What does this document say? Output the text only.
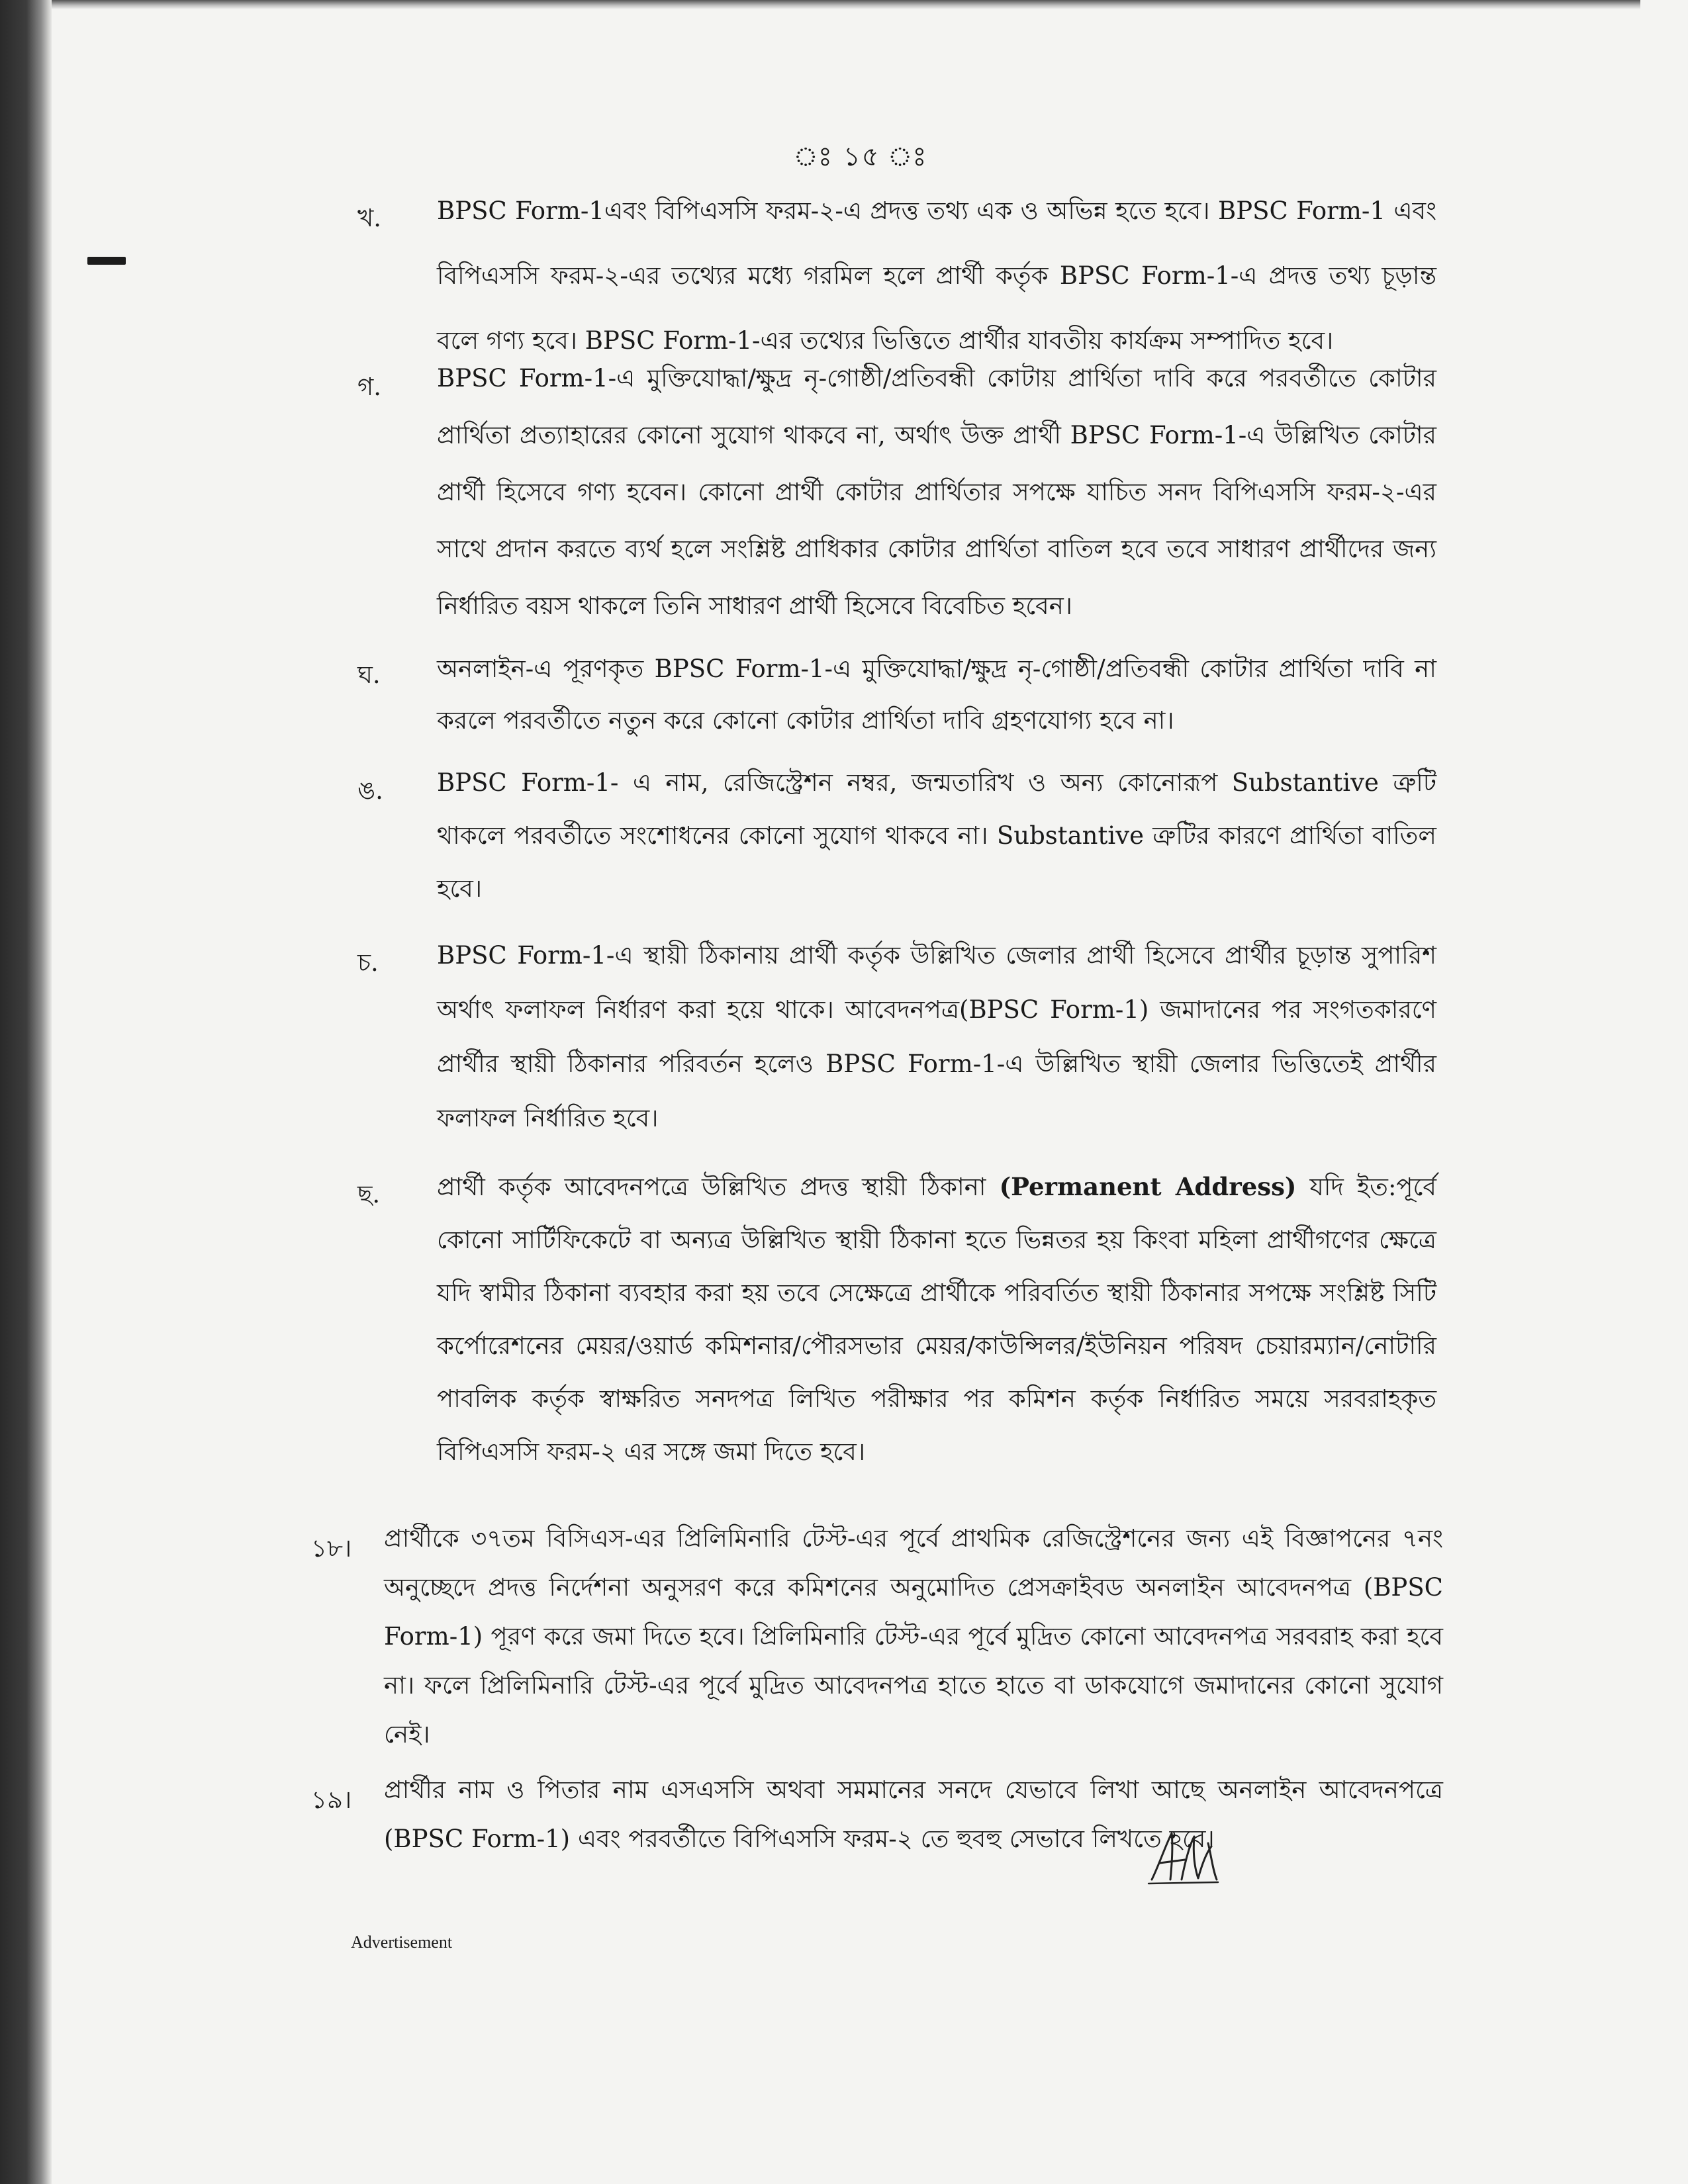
ঃ ১৫ ঃ
খ. BPSC Form-1এবং বিপিএসসি ফরম-২-এ প্রদত্ত তথ্য এক ও অভিন্ন হতে হবে। BPSC Form-1 এবং বিপিএসসি ফরম-২-এর তথ্যের মধ্যে গরমিল হলে প্রার্থী কর্তৃক BPSC Form-1-এ প্রদত্ত তথ্য চূড়ান্ত বলে গণ্য হবে। BPSC Form-1-এর তথ্যের ভিত্তিতে প্রার্থীর যাবতীয় কার্যক্রম সম্পাদিত হবে।
গ. BPSC Form-1-এ মুক্তিযোদ্ধা/ক্ষুদ্র নৃ-গোষ্ঠী/প্রতিবন্ধী কোটায় প্রার্থিতা দাবি করে পরবর্তীতে কোটার প্রার্থিতা প্রত্যাহারের কোনো সুযোগ থাকবে না, অর্থাৎ উক্ত প্রার্থী BPSC Form-1-এ উল্লিখিত কোটার প্রার্থী হিসেবে গণ্য হবেন। কোনো প্রার্থী কোটার প্রার্থিতার সপক্ষে যাচিত সনদ বিপিএসসি ফরম-২-এর সাথে প্রদান করতে ব্যর্থ হলে সংশ্লিষ্ট প্রাধিকার কোটার প্রার্থিতা বাতিল হবে তবে সাধারণ প্রার্থীদের জন্য নির্ধারিত বয়স থাকলে তিনি সাধারণ প্রার্থী হিসেবে বিবেচিত হবেন।
ঘ. অনলাইন-এ পূরণকৃত BPSC Form-1-এ মুক্তিযোদ্ধা/ক্ষুদ্র নৃ-গোষ্ঠী/প্রতিবন্ধী কোটার প্রার্থিতা দাবি না করলে পরবর্তীতে নতুন করে কোনো কোটার প্রার্থিতা দাবি গ্রহণযোগ্য হবে না।
ঙ. BPSC Form-1- এ নাম, রেজিস্ট্রেশন নম্বর, জন্মতারিখ ও অন্য কোনোরূপ Substantive ত্রুটি থাকলে পরবর্তীতে সংশোধনের কোনো সুযোগ থাকবে না। Substantive ত্রুটির কারণে প্রার্থিতা বাতিল হবে।
চ. BPSC Form-1-এ স্থায়ী ঠিকানায় প্রার্থী কর্তৃক উল্লিখিত জেলার প্রার্থী হিসেবে প্রার্থীর চূড়ান্ত সুপারিশ অর্থাৎ ফলাফল নির্ধারণ করা হয়ে থাকে। আবেদনপত্র(BPSC Form-1) জমাদানের পর সংগতকারণে প্রার্থীর স্থায়ী ঠিকানার পরিবর্তন হলেও BPSC Form-1-এ উল্লিখিত স্থায়ী জেলার ভিত্তিতেই প্রার্থীর ফলাফল নির্ধারিত হবে।
ছ. প্রার্থী কর্তৃক আবেদনপত্রে উল্লিখিত প্রদত্ত স্থায়ী ঠিকানা (Permanent Address) যদি ইত:পূর্বে কোনো সার্টিফিকেটে বা অন্যত্র উল্লিখিত স্থায়ী ঠিকানা হতে ভিন্নতর হয় কিংবা মহিলা প্রার্থীগণের ক্ষেত্রে যদি স্বামীর ঠিকানা ব্যবহার করা হয় তবে সেক্ষেত্রে প্রার্থীকে পরিবর্তিত স্থায়ী ঠিকানার সপক্ষে সংশ্লিষ্ট সিটি কর্পোরেশনের মেয়র/ওয়ার্ড কমিশনার/পৌরসভার মেয়র/কাউন্সিলর/ইউনিয়ন পরিষদ চেয়ারম্যান/নোটারি পাবলিক কর্তৃক স্বাক্ষরিত সনদপত্র লিখিত পরীক্ষার পর কমিশন কর্তৃক নির্ধারিত সময়ে সরবরাহকৃত বিপিএসসি ফরম-২ এর সঙ্গে জমা দিতে হবে।
১৮। প্রার্থীকে ৩৭তম বিসিএস-এর প্রিলিমিনারি টেস্ট-এর পূর্বে প্রাথমিক রেজিস্ট্রেশনের জন্য এই বিজ্ঞাপনের ৭নং অনুচ্ছেদে প্রদত্ত নির্দেশনা অনুসরণ করে কমিশনের অনুমোদিত প্রেসক্রাইবড অনলাইন আবেদনপত্র (BPSC Form-1) পূরণ করে জমা দিতে হবে। প্রিলিমিনারি টেস্ট-এর পূর্বে মুদ্রিত কোনো আবেদনপত্র সরবরাহ করা হবে না। ফলে প্রিলিমিনারি টেস্ট-এর পূর্বে মুদ্রিত আবেদনপত্র হাতে হাতে বা ডাকযোগে জমাদানের কোনো সুযোগ নেই।
১৯। প্রার্থীর নাম ও পিতার নাম এসএসসি অথবা সমমানের সনদে যেভাবে লিখা আছে অনলাইন আবেদনপত্রে (BPSC Form-1) এবং পরবর্তীতে বিপিএসসি ফরম-২ তে হুবহু সেভাবে লিখতে হবে।
Advertisement
